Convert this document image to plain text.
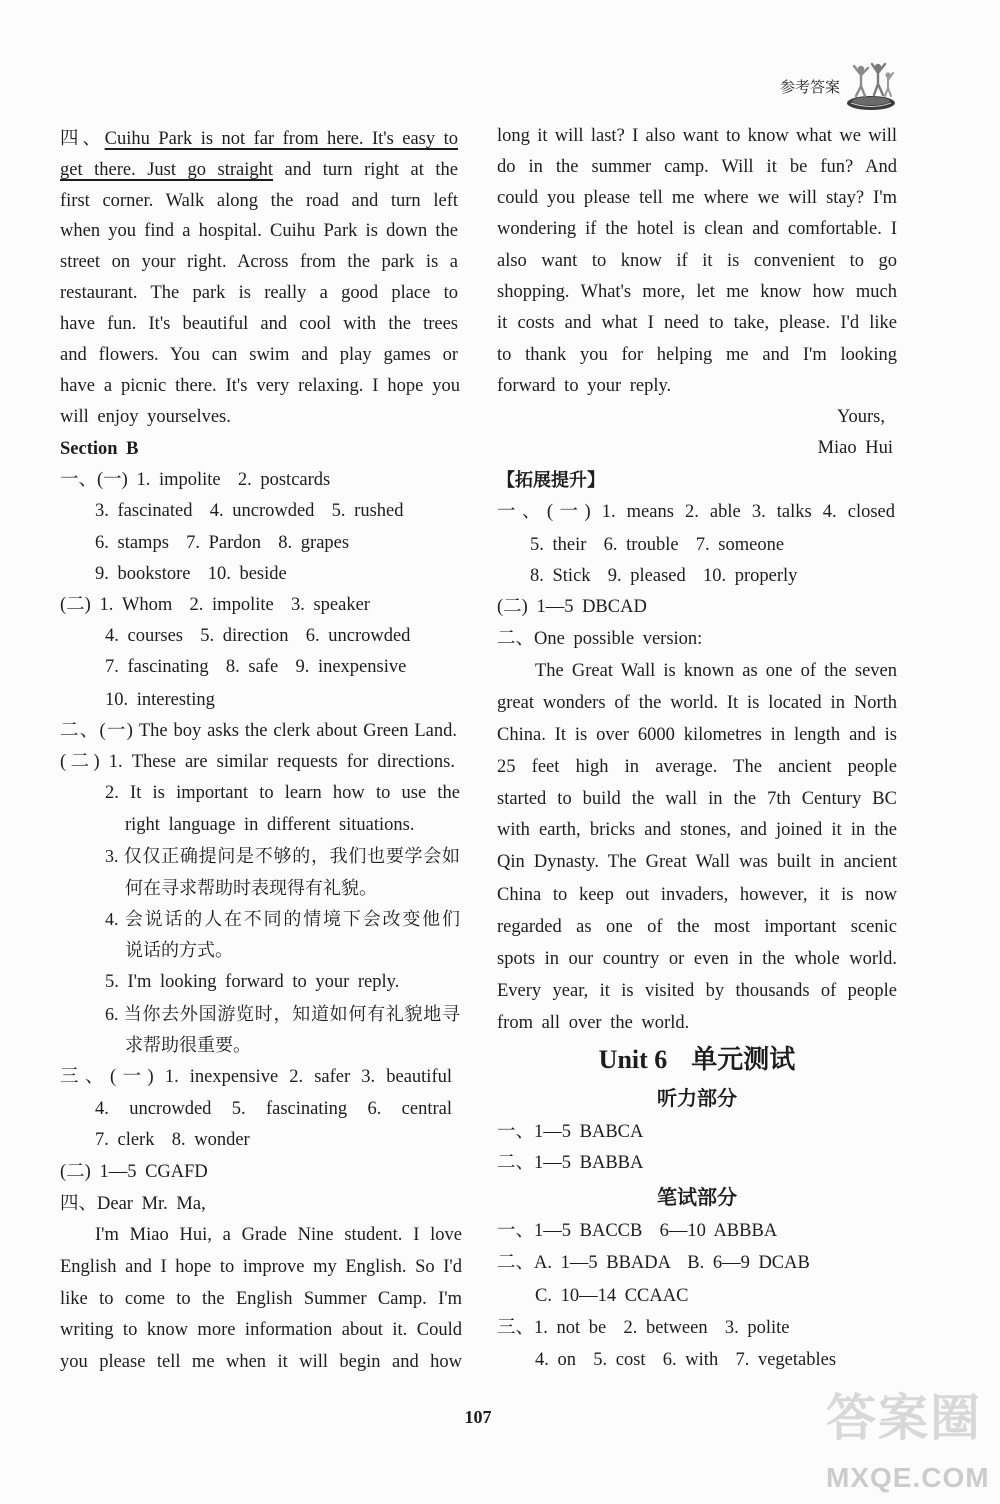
参考答案
四、Cuihu Park is not far from here. It's easy to
get there. Just go straight and turn right at the
first corner. Walk along the road and turn left
when you find a hospital. Cuihu Park is down the
street on your right. Across from the park is a
restaurant. The park is really a good place to
have fun. It's beautiful and cool with the trees
and flowers. You can swim and play games or
have a picnic there. It's very relaxing. I hope you
will enjoy yourselves.
Section B
一、(一) 1. impolite  2. postcards
3. fascinated  4. uncrowded  5. rushed
6. stamps  7. Pardon  8. grapes
9. bookstore  10. beside
(二) 1. Whom  2. impolite  3. speaker
4. courses  5. direction  6. uncrowded
7. fascinating  8. safe  9. inexpensive
10. interesting
二、(一) The boy asks the clerk about Green Land.
(二) 1. These are similar requests for directions.
2. It is important to learn how to use the
right language in different situations.
3. 仅仅正确提问是不够的，我们也要学会如
何在寻求帮助时表现得有礼貌。
4. 会说话的人在不同的情境下会改变他们
说话的方式。
5. I'm looking forward to your reply.
6. 当你去外国游览时，知道如何有礼貌地寻
求帮助很重要。
三、(一) 1. inexpensive 2. safer 3. beautiful
4. uncrowded 5. fascinating 6. central
7. clerk  8. wonder
(二) 1—5 CGAFD
四、Dear Mr. Ma,
I'm Miao Hui, a Grade Nine student. I love
English and I hope to improve my English. So I'd
like to come to the English Summer Camp. I'm
writing to know more information about it. Could
you please tell me when it will begin and how
long it will last? I also want to know what we will
do in the summer camp. Will it be fun? And
could you please tell me where we will stay? I'm
wondering if the hotel is clean and comfortable. I
also want to know if it is convenient to go
shopping. What's more, let me know how much
it costs and what I need to take, please. I'd like
to thank you for helping me and I'm looking
forward to your reply.
Yours,
Miao Hui
【拓展提升】
一、(一) 1. means 2. able 3. talks 4. closed
5. their  6. trouble  7. someone
8. Stick  9. pleased  10. properly
(二) 1—5 DBCAD
二、One possible version:
The Great Wall is known as one of the seven
great wonders of the world. It is located in North
China. It is over 6000 kilometres in length and is
25 feet high in average. The ancient people
started to build the wall in the 7th Century BC
with earth, bricks and stones, and joined it in the
Qin Dynasty. The Great Wall was built in ancient
China to keep out invaders, however, it is now
regarded as one of the most important scenic
spots in our country or even in the whole world.
Every year, it is visited by thousands of people
from all over the world.
Unit 6 单元测试
听力部分
一、1—5 BABCA
二、1—5 BABBA
笔试部分
一、1—5 BACCB  6—10 ABBBA
二、A. 1—5 BBADA  B. 6—9 DCAB
C. 10—14 CCAAC
三、1. not be  2. between  3. polite
4. on  5. cost  6. with  7. vegetables
107	答案圈
MXQE.COM
